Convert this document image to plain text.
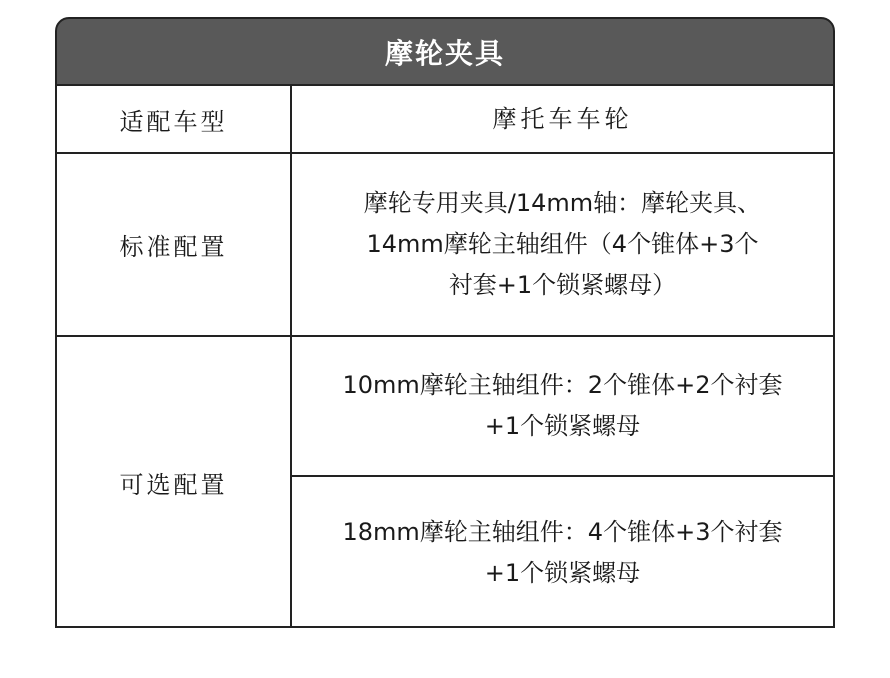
摩轮夹具
适配车型	摩托车车轮
标准配置
摩轮专用夹具/14mm轴：摩轮夹具、
14mm摩轮主轴组件（4个锥体+3个
衬套+1个锁紧螺母）
可选配置
10mm摩轮主轴组件：2个锥体+2个衬套
+1个锁紧螺母
18mm摩轮主轴组件：4个锥体+3个衬套
+1个锁紧螺母
